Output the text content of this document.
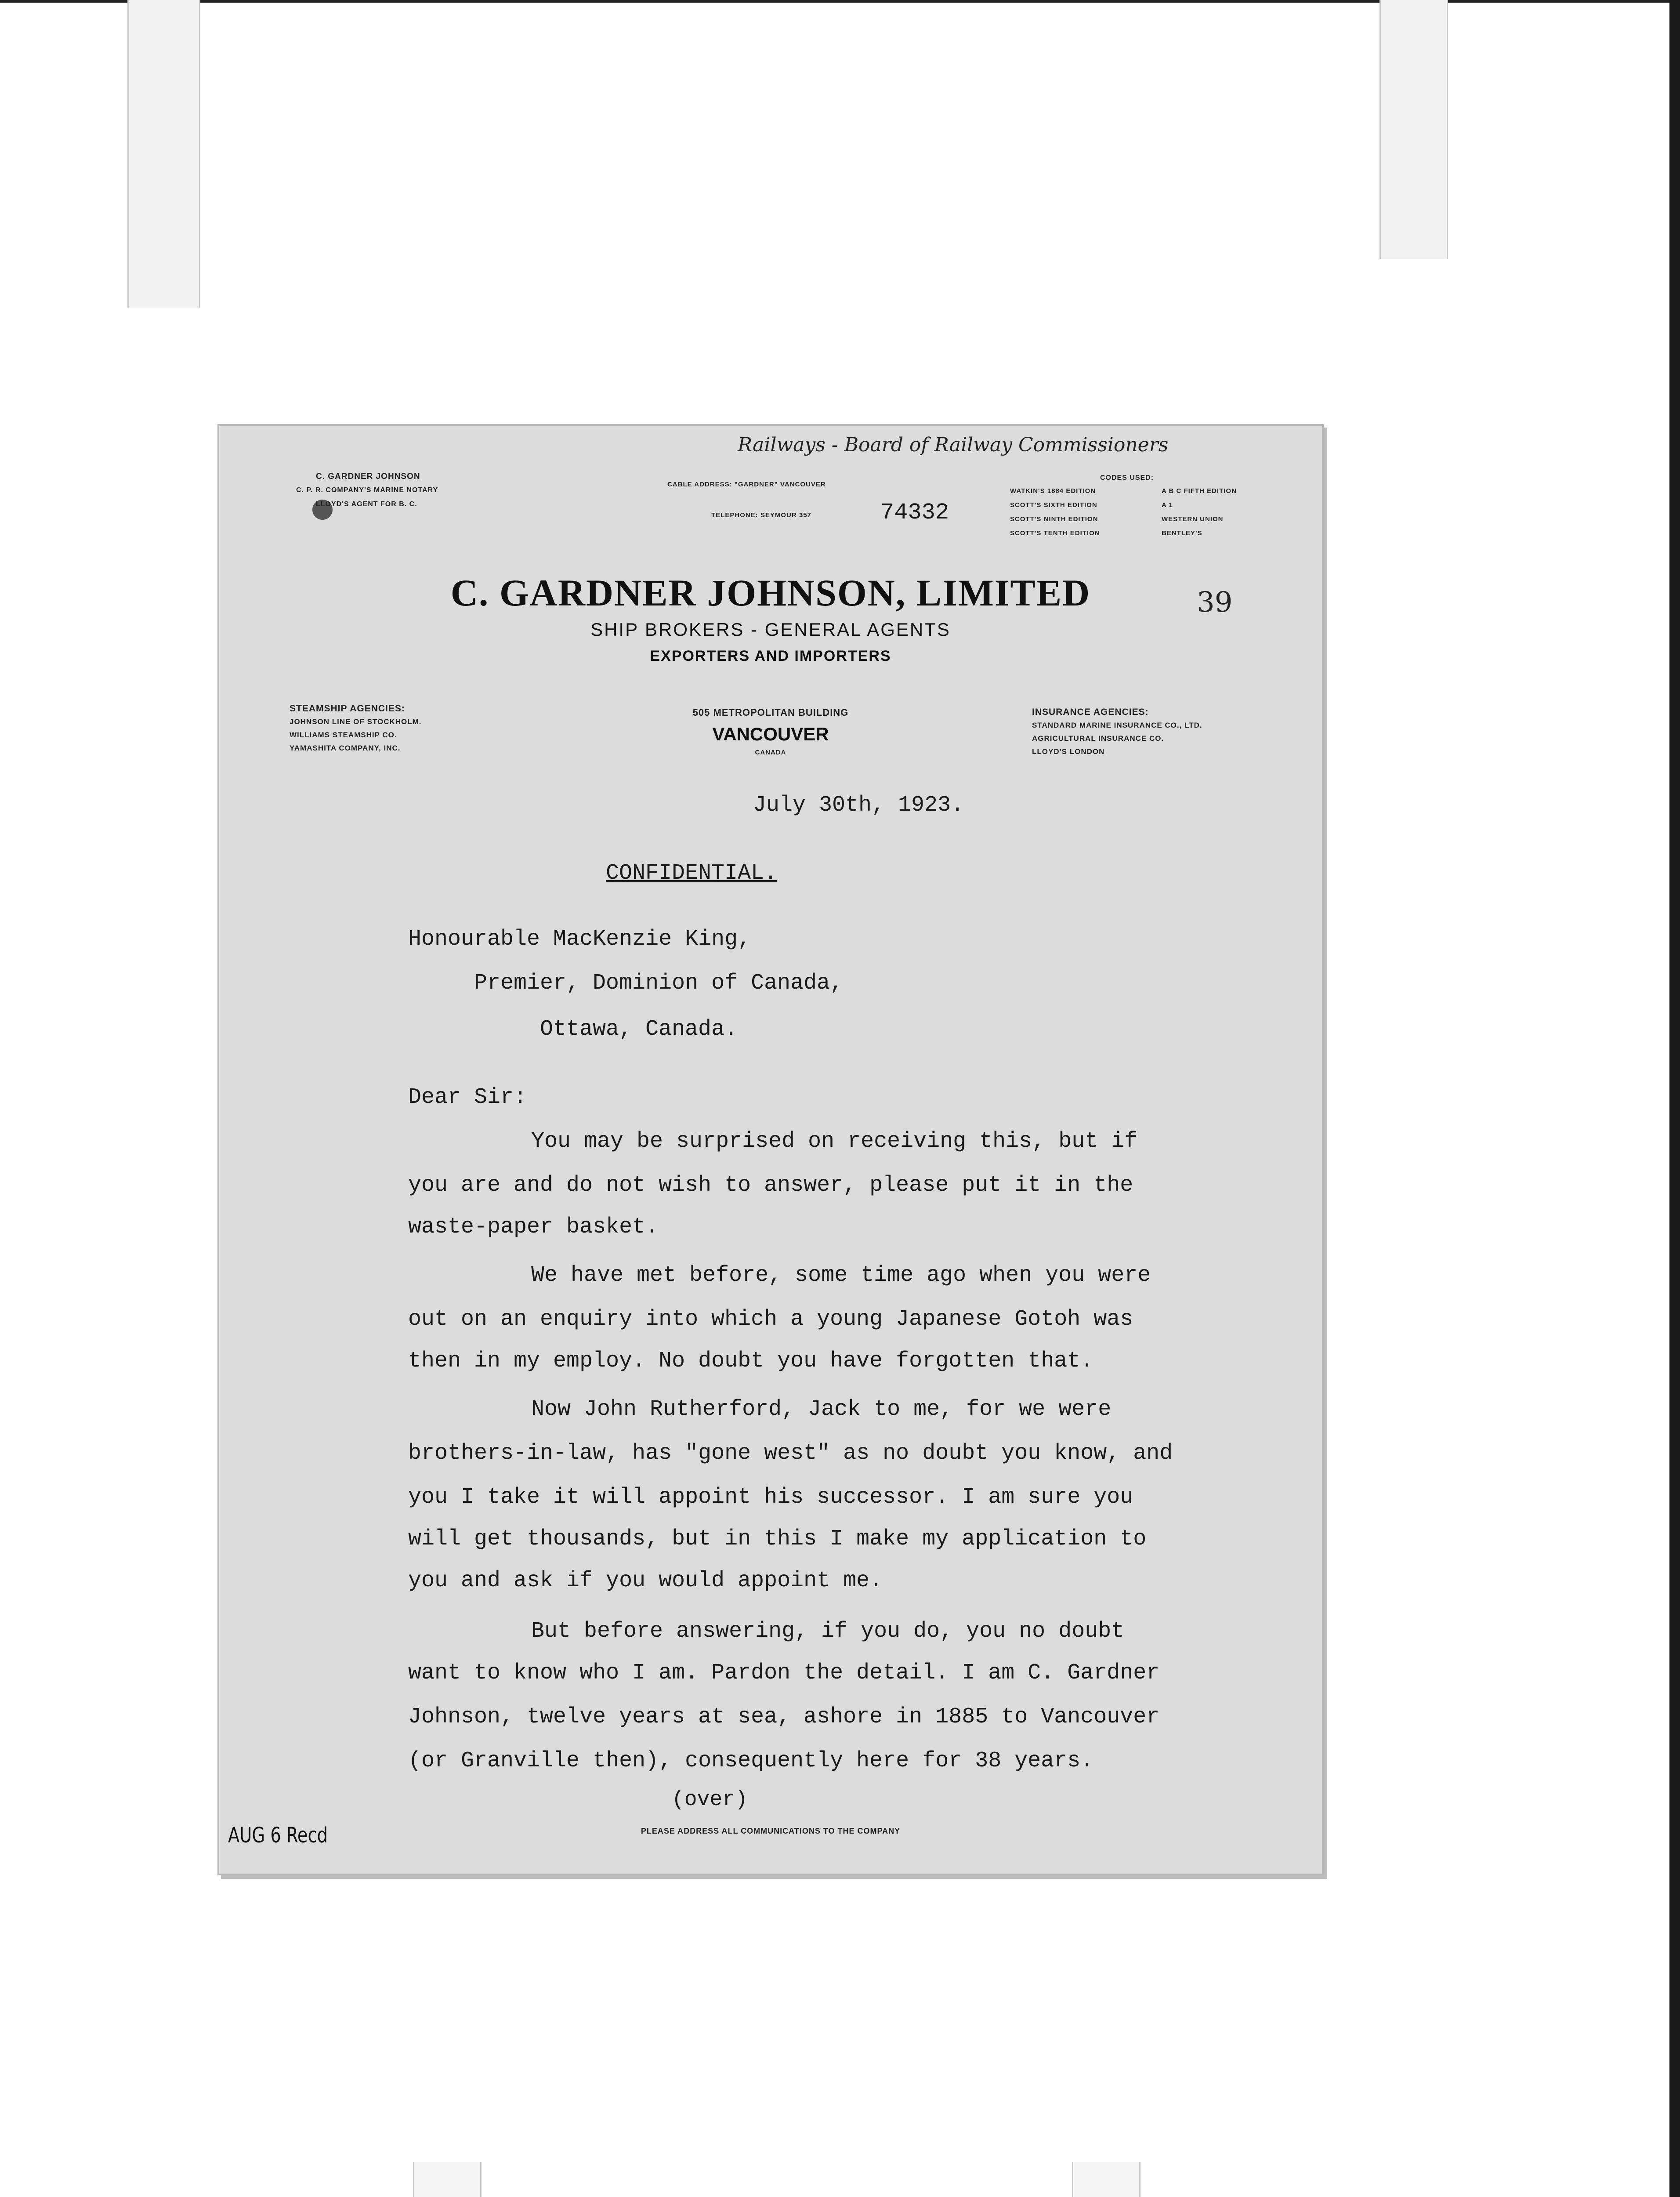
Railways - Board of Railway Commissioners
C. GARDNER JOHNSON
C. P. R. COMPANY'S MARINE NOTARY
LLOYD'S AGENT FOR B. C.
CABLE ADDRESS: "GARDNER" VANCOUVER
TELEPHONE: SEYMOUR 357	74332
CODES USED:
WATKIN'S 1884 EDITION	A B C FIFTH EDITION
SCOTT'S SIXTH EDITION	A 1
SCOTT'S NINTH EDITION	WESTERN UNION
SCOTT'S TENTH EDITION	BENTLEY'S
C. GARDNER JOHNSON, LIMITED	39
SHIP BROKERS - GENERAL AGENTS
EXPORTERS AND IMPORTERS
STEAMSHIP AGENCIES:
JOHNSON LINE OF STOCKHOLM.
WILLIAMS STEAMSHIP CO.
YAMASHITA COMPANY, INC.
505 METROPOLITAN BUILDING
VANCOUVER
CANADA
INSURANCE AGENCIES:
STANDARD MARINE INSURANCE CO., LTD.
AGRICULTURAL INSURANCE CO.
LLOYD'S LONDON
July 30th, 1923.
CONFIDENTIAL.
Honourable MacKenzie King,
Premier, Dominion of Canada,
Ottawa, Canada.
Dear Sir:
You may be surprised on receiving this, but if
you are and do not wish to answer, please put it in the
waste-paper basket.
We have met before, some time ago when you were
out on an enquiry into which a young Japanese Gotoh was
then in my employ. No doubt you have forgotten that.
Now John Rutherford, Jack to me, for we were
brothers-in-law, has "gone west" as no doubt you know, and
you I take it will appoint his successor. I am sure you
will get thousands, but in this I make my application to
you and ask if you would appoint me.
But before answering, if you do, you no doubt
want to know who I am. Pardon the detail. I am C. Gardner
Johnson, twelve years at sea, ashore in 1885 to Vancouver
(or Granville then), consequently here for 38 years.
(over)
PLEASE ADDRESS ALL COMMUNICATIONS TO THE COMPANY
AUG 6 Recd
